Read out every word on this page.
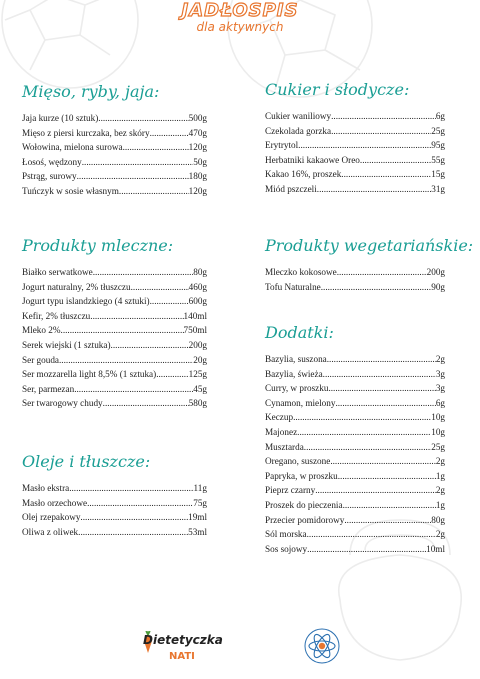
JADŁOSPIS
dla aktywnych
Mięso, ryby, jaja:
Jaja kurze (10 sztuk) .....	500g
Mięso z piersi kurczaka, bez skóry .....	470g
Wołowina, mielona surowa .....	120g
Łosoś, wędzony .....	50g
Pstrąg, surowy .....	180g
Tuńczyk w sosie własnym .....	120g
Cukier i słodycze:
Cukier waniliowy .....	6g
Czekolada gorzka .....	25g
Erytrytol .....	95g
Herbatniki kakaowe Oreo .....	55g
Kakao 16%, proszek .....	15g
Miód pszczeli .....	31g
Produkty mleczne:
Białko serwatkowe .....	80g
Jogurt naturalny, 2% tłuszczu .....	460g
Jogurt typu islandzkiego (4 sztuki) .....	600g
Kefir, 2% tłuszczu .....	140ml
Mleko 2% .....	750ml
Serek wiejski (1 sztuka) .....	200g
Ser gouda .....	20g
Ser mozzarella light 8,5% (1 sztuka) .....	125g
Ser, parmezan .....	45g
Ser twarogowy chudy .....	580g
Produkty wegetariańskie:
Mleczko kokosowe .....	200g
Tofu Naturalne .....	90g
Dodatki:
Bazylia, suszona .....	2g
Bazylia, świeża .....	3g
Curry, w proszku .....	3g
Cynamon, mielony .....	6g
Keczup .....	10g
Majonez .....	10g
Musztarda .....	25g
Oregano, suszone .....	2g
Papryka, w proszku .....	1g
Pieprz czarny .....	2g
Proszek do pieczenia .....	1g
Przecier pomidorowy .....	80g
Sól morska .....	2g
Sos sojowy .....	10ml
Oleje i tłuszcze:
Masło ekstra .....	11g
Masło orzechowe .....	75g
Olej rzepakowy .....	19ml
Oliwa z oliwek .....	53ml
Dietetyczka
NATI
